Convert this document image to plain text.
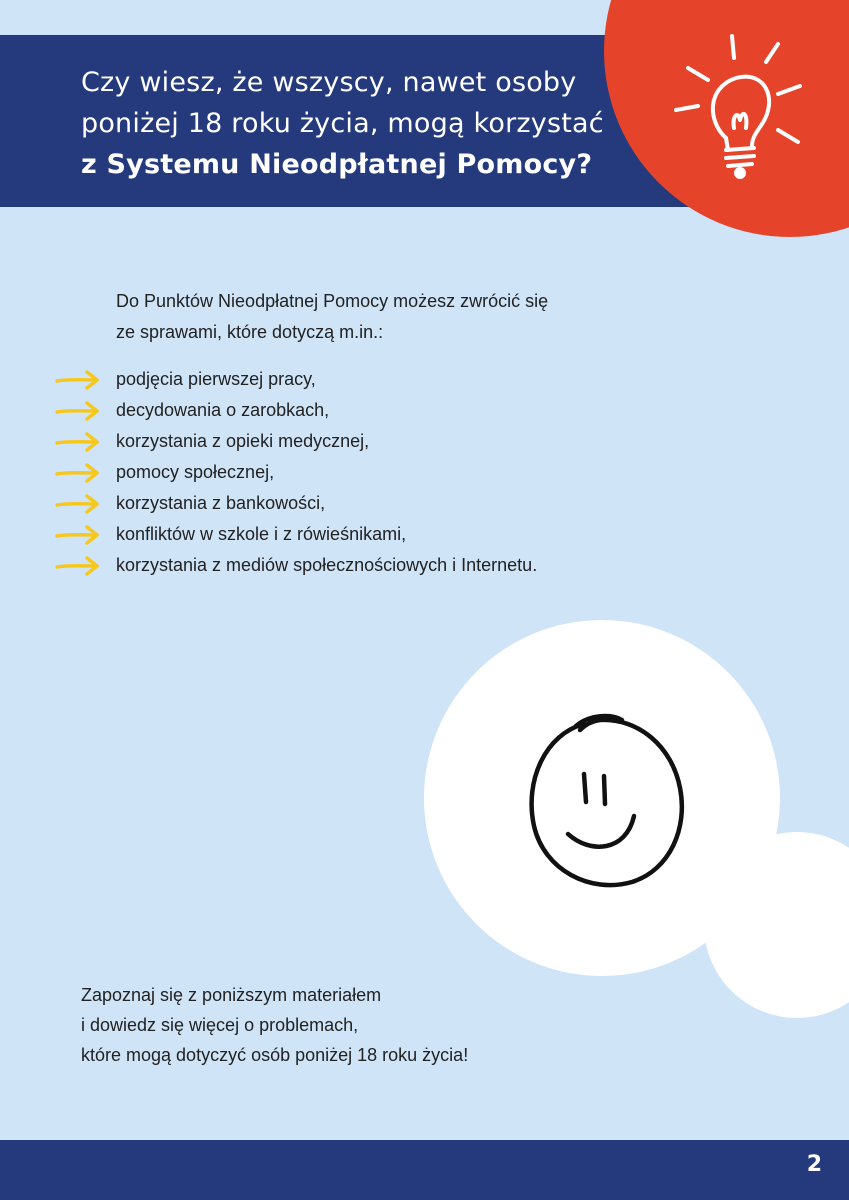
Czy wiesz, że wszyscy, nawet osoby
poniżej 18 roku życia, mogą korzystać
z Systemu Nieodpłatnej Pomocy?
Do Punktów Nieodpłatnej Pomocy możesz zwrócić się
ze sprawami, które dotyczą m.in.:
podjęcia pierwszej pracy,
decydowania o zarobkach,
korzystania z opieki medycznej,
pomocy społecznej,
korzystania z bankowości,
konfliktów w szkole i z rówieśnikami,
korzystania z mediów społecznościowych i Internetu.
Zapoznaj się z poniższym materiałem
i dowiedz się więcej o problemach,
które mogą dotyczyć osób poniżej 18 roku życia!
2
